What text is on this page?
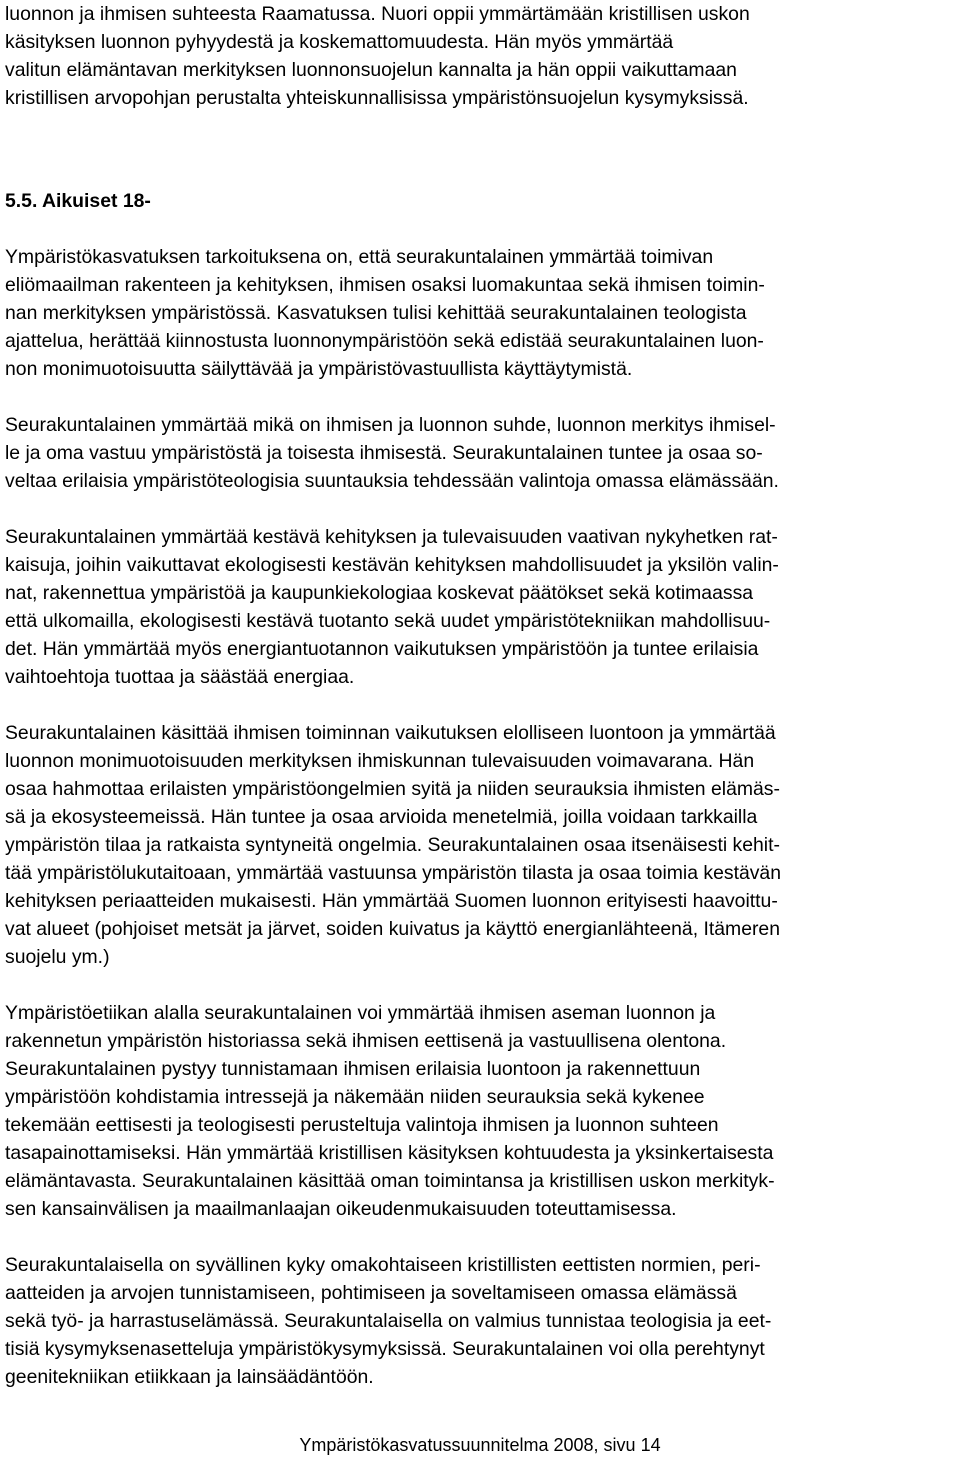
luonnon ja ihmisen suhteesta Raamatussa. Nuori oppii ymmärtämään kristillisen uskon
käsityksen luonnon pyhyydestä ja koskemattomuudesta. Hän myös ymmärtää
valitun elämäntavan merkityksen luonnonsuojelun kannalta ja hän oppii vaikuttamaan
kristillisen arvopohjan perustalta yhteiskunnallisissa ympäristönsuojelun kysymyksissä.
5.5. Aikuiset 18-
Ympäristökasvatuksen tarkoituksena on, että seurakuntalainen ymmärtää toimivan
eliömaailman rakenteen ja kehityksen, ihmisen osaksi luomakuntaa sekä ihmisen toimin-
nan merkityksen ympäristössä. Kasvatuksen tulisi kehittää seurakuntalainen teologista
ajattelua, herättää kiinnostusta luonnonympäristöön sekä edistää seurakuntalainen luon-
non monimuotoisuutta säilyttävää ja ympäristövastuullista käyttäytymistä.
Seurakuntalainen ymmärtää mikä on ihmisen ja luonnon suhde, luonnon merkitys ihmisel-
le ja oma vastuu ympäristöstä ja toisesta ihmisestä. Seurakuntalainen tuntee ja osaa so-
veltaa erilaisia ympäristöteologisia suuntauksia tehdessään valintoja omassa elämässään.
Seurakuntalainen ymmärtää kestävä kehityksen ja tulevaisuuden vaativan nykyhetken rat-
kaisuja, joihin vaikuttavat ekologisesti kestävän kehityksen mahdollisuudet ja yksilön valin-
nat, rakennettua ympäristöä ja kaupunkiekologiaa koskevat päätökset sekä kotimaassa
että ulkomailla, ekologisesti kestävä tuotanto sekä uudet ympäristötekniikan mahdollisuu-
det. Hän ymmärtää myös energiantuotannon vaikutuksen ympäristöön ja tuntee erilaisia
vaihtoehtoja tuottaa ja säästää energiaa.
Seurakuntalainen käsittää ihmisen toiminnan vaikutuksen elolliseen luontoon ja ymmärtää
luonnon monimuotoisuuden merkityksen ihmiskunnan tulevaisuuden voimavarana. Hän
osaa hahmottaa erilaisten ympäristöongelmien syitä ja niiden seurauksia ihmisten elämäs-
sä ja ekosysteemeissä. Hän tuntee ja osaa arvioida menetelmiä, joilla voidaan tarkkailla
ympäristön tilaa ja ratkaista syntyneitä ongelmia. Seurakuntalainen osaa itsenäisesti kehit-
tää ympäristölukutaitoaan, ymmärtää vastuunsa ympäristön tilasta ja osaa toimia kestävän
kehityksen periaatteiden mukaisesti. Hän ymmärtää Suomen luonnon erityisesti haavoittu-
vat alueet (pohjoiset metsät ja järvet, soiden kuivatus ja käyttö energianlähteenä, Itämeren
suojelu ym.)
Ympäristöetiikan alalla seurakuntalainen voi ymmärtää ihmisen aseman luonnon ja
rakennetun ympäristön historiassa sekä ihmisen eettisenä ja vastuullisena olentona.
Seurakuntalainen pystyy tunnistamaan ihmisen erilaisia luontoon ja rakennettuun
ympäristöön kohdistamia intressejä ja näkemään niiden seurauksia sekä kykenee
tekemään eettisesti ja teologisesti perusteltuja valintoja ihmisen ja luonnon suhteen
tasapainottamiseksi. Hän ymmärtää kristillisen käsityksen kohtuudesta ja yksinkertaisesta
elämäntavasta. Seurakuntalainen käsittää oman toimintansa ja kristillisen uskon merkityk-
sen kansainvälisen ja maailmanlaajan oikeudenmukaisuuden toteuttamisessa.
Seurakuntalaisella on syvällinen kyky omakohtaiseen kristillisten eettisten normien, peri-
aatteiden ja arvojen tunnistamiseen, pohtimiseen ja soveltamiseen omassa elämässä
sekä työ- ja harrastuselämässä. Seurakuntalaisella on valmius tunnistaa teologisia ja eet-
tisiä kysymyksenasetteluja ympäristökysymyksissä. Seurakuntalainen voi olla perehtynyt
geenitekniikan etiikkaan ja lainsäädäntöön.
Ympäristökasvatussuunnitelma 2008, sivu 14
